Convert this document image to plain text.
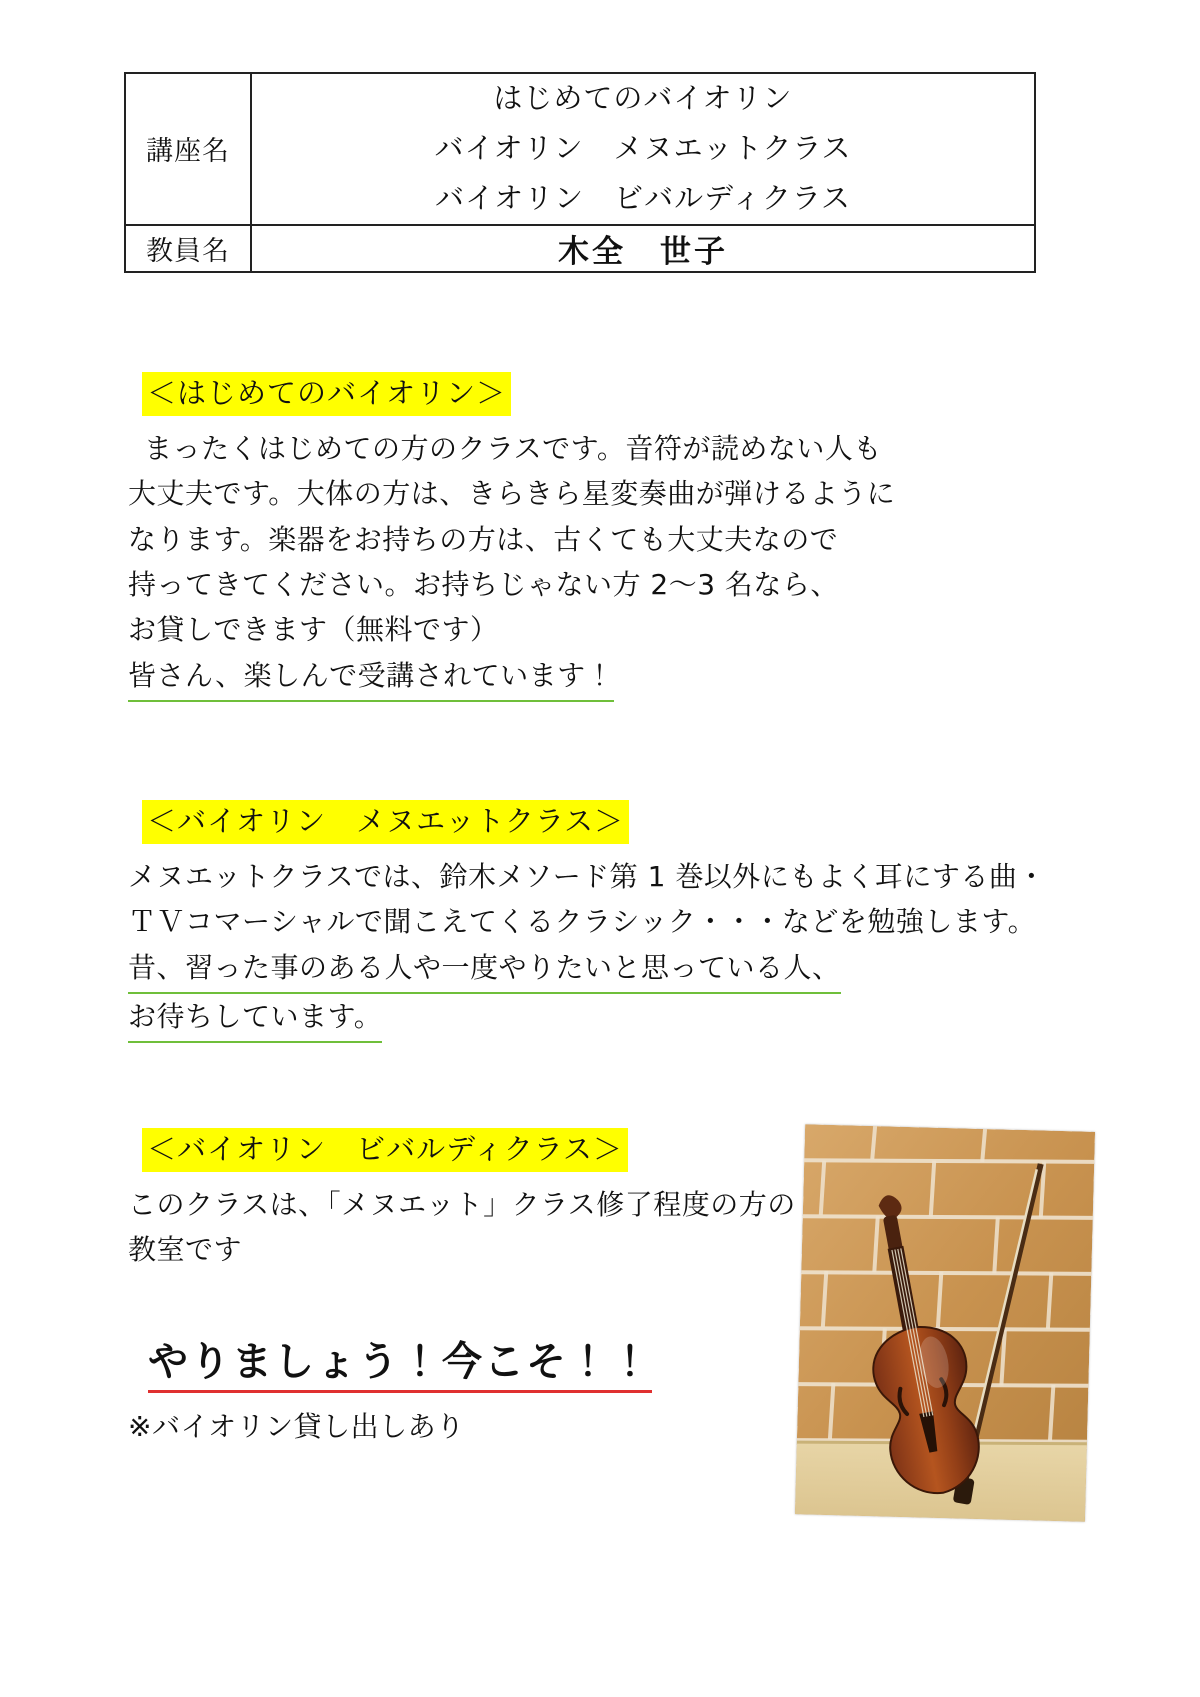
講座名	はじめてのバイオリン
バイオリン　メヌエットクラス
バイオリン　ビバルディクラス

教員名	木全　世子
＜はじめてのバイオリン＞
まったくはじめての方のクラスです。音符が読めない人も
大丈夫です。大体の方は、きらきら星変奏曲が弾けるように
なります。楽器をお持ちの方は、古くても大丈夫なので
持ってきてください。お持ちじゃない方 2～3 名なら、
お貸しできます（無料です）
皆さん、楽しんで受講されています！
＜バイオリン　メヌエットクラス＞
メヌエットクラスでは、鈴木メソード第 1 巻以外にもよく耳にする曲・
ＴＶコマーシャルで聞こえてくるクラシック・・・などを勉強します。
昔、習った事のある人や一度やりたいと思っている人、
お待ちしています。
＜バイオリン　ビバルディクラス＞
このクラスは、「メヌエット」クラス修了程度の方の
教室です
やりましょう！今こそ！！
※バイオリン貸し出しあり
